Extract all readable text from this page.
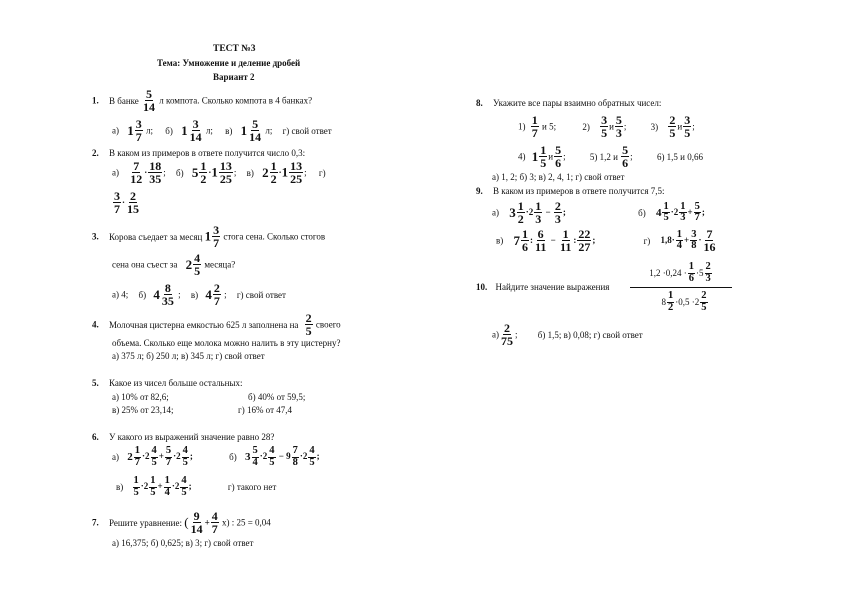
ТЕСТ №3
Тема: Умножение и деление дробей
Вариант 2
1. В банке $\frac{5}{14}$ л компота. Сколько компота в 4 банках?
а) $1 \frac{3}{7} л$; б) $1 \frac{3}{14} л$; в) $1 \frac{5}{14} л$; г) свой ответ
2. В каком из примеров в ответе получится число 0,3:
$а) \frac{7}{12} \cdot \frac{18}{35}$ ; б) $5 \frac{1}{2} \cdot 1 \frac{13}{25}$ ; в) $2 \frac{1}{2} \cdot 1 \frac{13}{25}$ ; г)
$\frac{3}{7} \cdot \frac{2}{15}$
3. Корова съедает за месяц $1 \frac{3}{7}$ стога сена. Сколько стогов
сена она съест за $2 \frac{4}{5}$ месяца?
а) 4; б) $4 \frac{8}{35}$ ; в) $4 \frac{2}{7}$ ; г) свой ответ
4. Молочная цистерна емкостью 625 л заполнена на $\frac{2}{5}$ своего
объема. Сколько еще молока можно налить в эту цистерну?
а) 375 л; б) 250 л; в) 345 л; г) свой ответ
5. Какое из чисел больше остальных:
а) 10% от 82,6;	б) 40% от 59,5;
в) 25% от 23,14;	г) 16% от 47,4
6. У какого из выражений значение равно 28?
а) $2 \frac{1}{7} \cdot 2 \frac{4}{5} + \frac{5}{7} \cdot 2 \frac{4}{5}$ ;	б) $3 \frac{5}{4} \cdot 2 \frac{4}{5} - 9 \frac{7}{8} \cdot 2 \frac{4}{5}$ ;
$в) \frac{1}{5} \cdot 2 \frac{1}{5} + \frac{1}{4} \cdot 2 \frac{4}{5}$ ;	г) такого нет
7. Решите уравнение: ( $\frac{9}{14} + \frac{4}{7} x$) : 25 = 0,04
а) 16,375; б) 0,625; в) 3; г) свой ответ
8. Укажите все пары взаимно обратных чисел:
$1) \frac{1}{7}$ и 5;	$2) \frac{3}{5}$ и $\frac{5}{3}$ ;	$3) \frac{2}{5}$ и $\frac{3}{5}$ ;
4) $1 \frac{1}{5}$ и $\frac{5}{6}$ ;	5) 1,2 и $\frac{5}{6}$ ;	6) 1,5 и 0,66
а) 1, 2; б) 3; в) 2, 4, 1; г) свой ответ
9. В каком из примеров в ответе получится 7,5:
а) $3 \frac{1}{2} \cdot 2 \frac{1}{3} - \frac{2}{3}$ ;	б) $4 \frac{1}{5} \cdot 2 \frac{1}{3} + \frac{5}{7}$ ;
в) $7 \frac{1}{6}$ : $\frac{6}{11} - \frac{1}{11}$ : $\frac{22}{27}$ ;	г) $1,8\cdot \frac{1}{4} + \frac{3}{8} \cdot \frac{7}{16}$
10. Найдите значение выражения
$1,2 \cdot 0,24 \cdot \frac{1}{6} \cdot 5 \frac{2}{3}$
$8 \frac{1}{2} \cdot 0,5 \cdot 2 \frac{2}{5}$
$а) \frac{2}{75}$ ; б) 1,5; в) 0,08; г) свой ответ
